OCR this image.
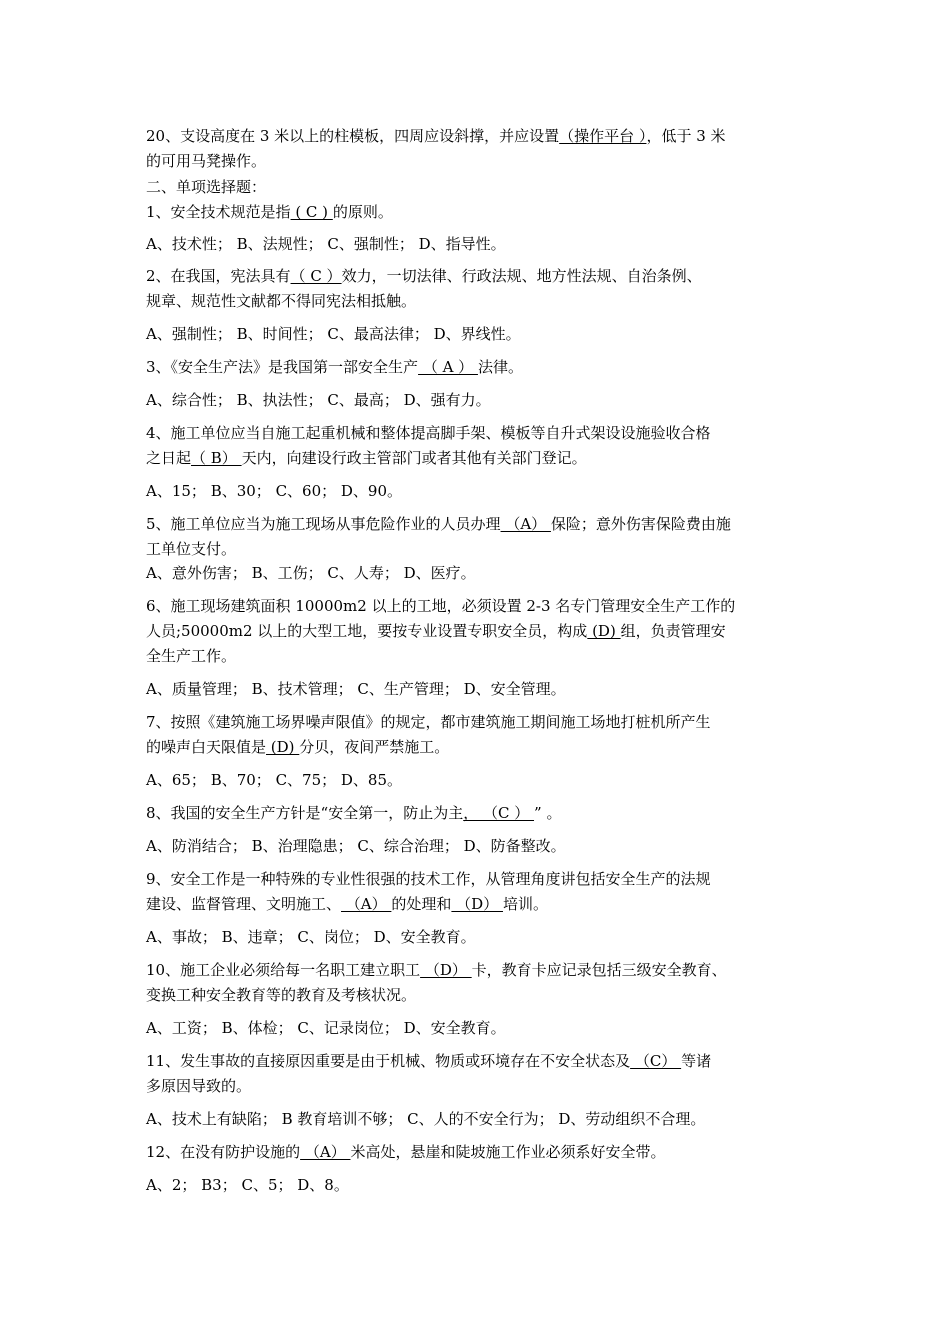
20、支设高度在 3 米以上的柱模板，四周应设斜撑，并应设置（操作平台 ），低于 3 米
的可用马凳操作。
二、单项选择题：
1、安全技术规范是指 ( C ) 的原则。
A、技术性； B、法规性； C、强制性； D、指导性。
2、在我国，宪法具有（ C ）效力，一切法律、行政法规、地方性法规、自治条例、
规章、规范性文献都不得同宪法相抵触。
A、强制性； B、时间性； C、最高法律； D、界线性。
3、《安全生产法》是我国第一部安全生产 （ A ） 法律。
A、综合性； B、执法性； C、最高； D、强有力。
4、施工单位应当自施工起重机械和整体提高脚手架、模板等自升式架设设施验收合格
之日起（ B） 天内，向建设行政主管部门或者其他有关部门登记。
A、15； B、30； C、60； D、90。
5、施工单位应当为施工现场从事危险作业的人员办理 （A） 保险；意外伤害保险费由施
工单位支付。
A、意外伤害； B、工伤； C、人寿； D、医疗。
6、施工现场建筑面积 10000m2 以上的工地，必须设置 2-3 名专门管理安全生产工作的
人员;50000m2 以上的大型工地，要按专业设置专职安全员，构成 (D) 组，负责管理安
全生产工作。
A、质量管理； B、技术管理； C、生产管理； D、安全管理。
7、按照《建筑施工场界噪声限值》的规定，都市建筑施工期间施工场地打桩机所产生
的噪声白天限值是 (D) 分贝，夜间严禁施工。
A、65； B、70； C、75； D、85。
8、我国的安全生产方针是“安全第一，防止为主， （C ） ” 。
A、防消结合； B、治理隐患； C、综合治理； D、防备整改。
9、安全工作是一种特殊的专业性很强的技术工作，从管理角度讲包括安全生产的法规
建设、监督管理、文明施工、 （A） 的处理和 （D） 培训。
A、事故； B、违章； C、岗位； D、安全教育。
10、施工企业必须给每一名职工建立职工 （D） 卡，教育卡应记录包括三级安全教育、
变换工种安全教育等的教育及考核状况。
A、工资； B、体检； C、记录岗位； D、安全教育。
11、发生事故的直接原因重要是由于机械、物质或环境存在不安全状态及 （C） 等诸
多原因导致的。
A、技术上有缺陷； B 教育培训不够； C、人的不安全行为； D、劳动组织不合理。
12、在没有防护设施的 （A） 米高处，悬崖和陡坡施工作业必须系好安全带。
A、2； B3； C、5； D、8。
